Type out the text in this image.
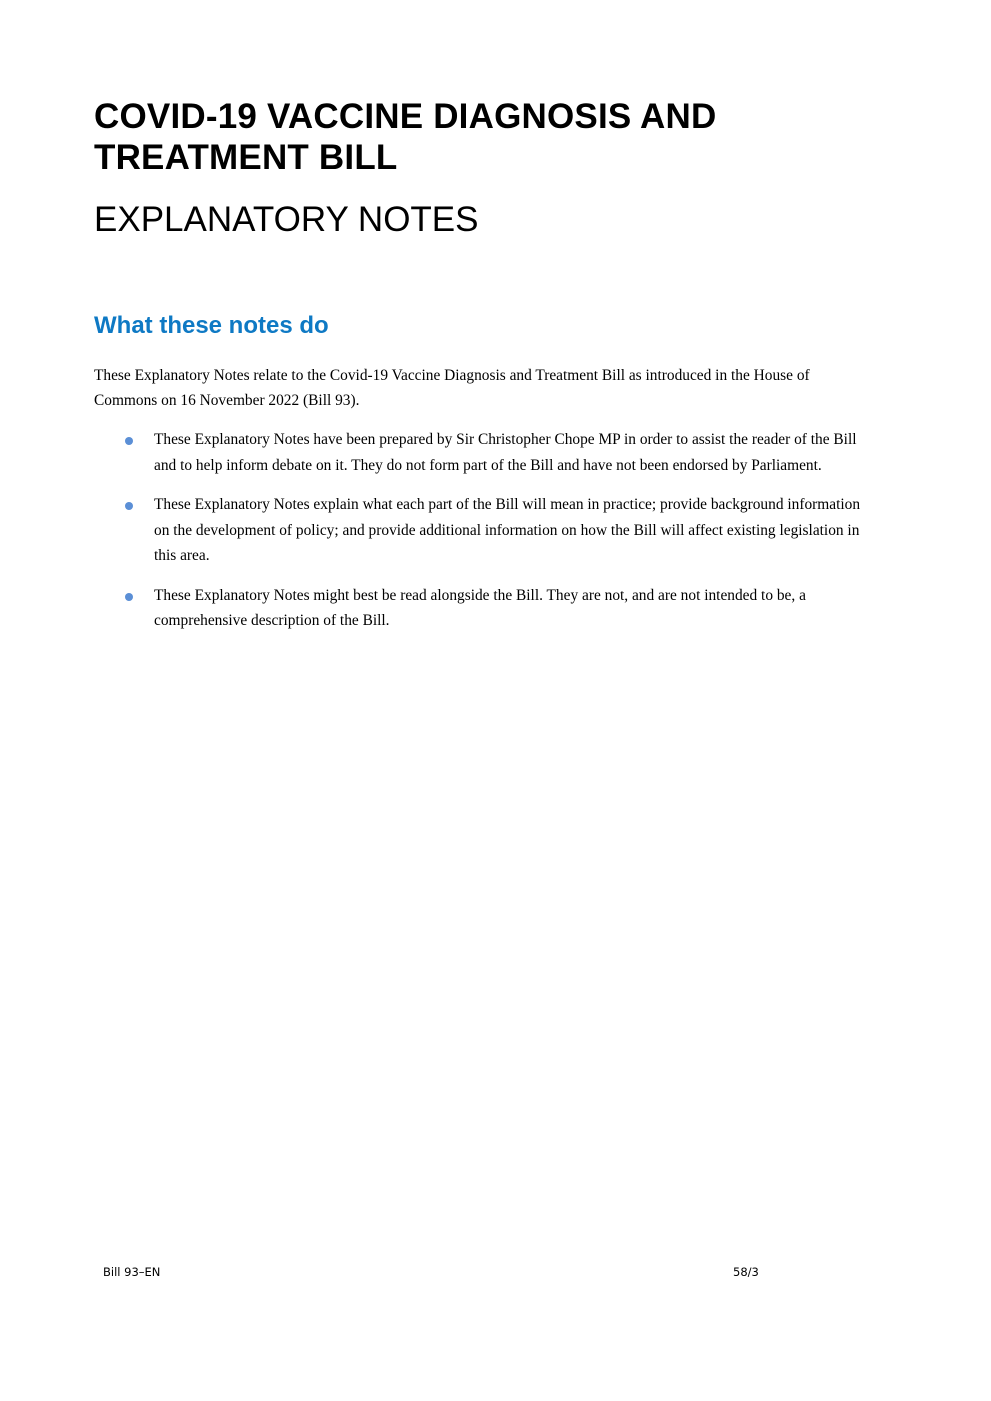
COVID-19 VACCINE DIAGNOSIS AND TREATMENT BILL
EXPLANATORY NOTES
What these notes do

These Explanatory Notes relate to the Covid-19 Vaccine Diagnosis and Treatment Bill as introduced in the House of Commons on 16 November 2022 (Bill 93).

These Explanatory Notes have been prepared by Sir Christopher Chope MP in order to assist the reader of the Bill and to help inform debate on it. They do not form part of the Bill and have not been endorsed by Parliament.
These Explanatory Notes explain what each part of the Bill will mean in practice; provide background information on the development of policy; and provide additional information on how the Bill will affect existing legislation in this area.
These Explanatory Notes might best be read alongside the Bill. They are not, and are not intended to be, a comprehensive description of the Bill.
Bill 93–EN	58/3
